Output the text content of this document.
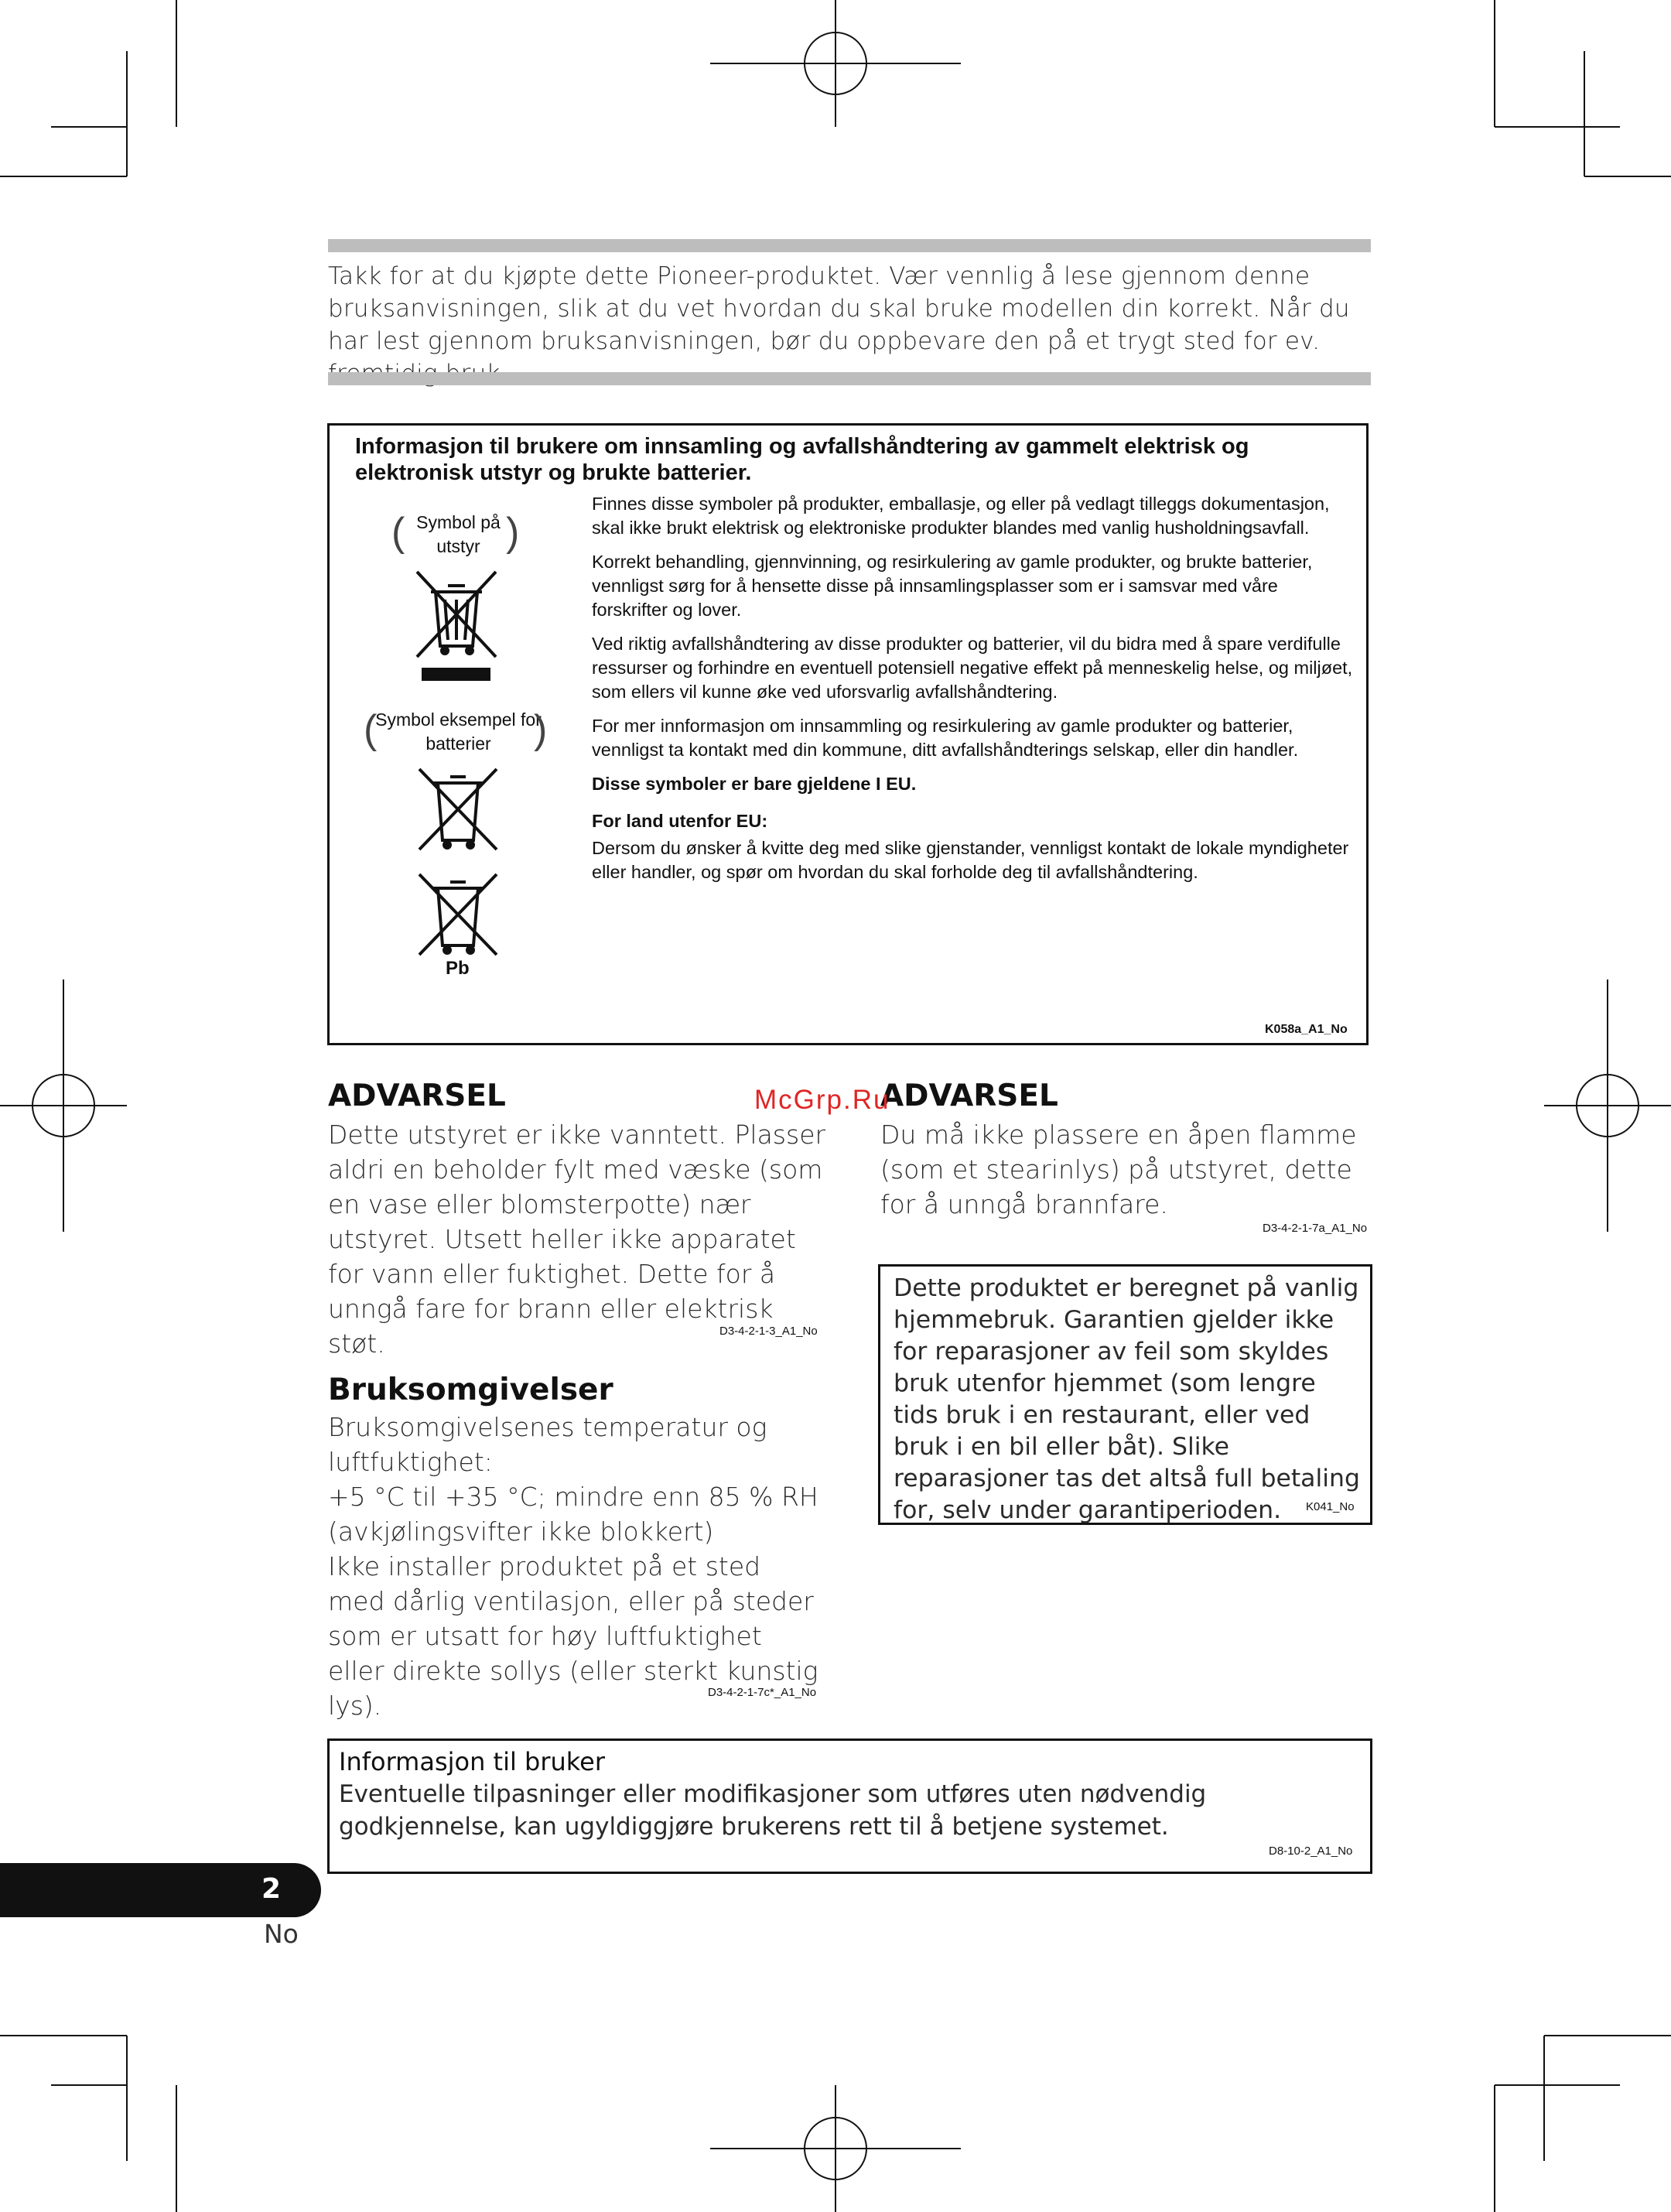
Takk for at du kjøpte dette Pioneer-produktet. Vær vennlig å lese gjennom denne bruksanvisningen, slik at du vet hvordan du skal bruke modellen din korrekt. Når du har lest gjennom bruksanvisningen, bør du oppbevare den på et trygt sted for ev.
Informasjon til brukere om innsamling og avfallshåndtering av gammelt elektrisk og elektronisk utstyr og brukte batterier.
Symbol på utstyr
(	)
Symbol eksempel for batterier
(	)
Pb

Finnes disse symboler på produkter, emballasje, og eller på vedlagt tilleggs dokumentasjon, skal ikke brukt elektrisk og elektroniske produkter blandes med vanlig husholdningsavfall.

Korrekt behandling, gjennvinning, og resirkulering av gamle produkter, og brukte batterier, vennligst sørg for å hensette disse på innsamlingsplasser som er i samsvar med våre forskrifter og lover.

Ved riktig avfallshåndtering av disse produkter og batterier, vil du bidra med å spare verdifulle ressurser og forhindre en eventuell potensiell negative effekt på menneskelig helse, og miljøet, som ellers vil kunne øke ved uforsvarlig avfallshåndtering.

For mer innformasjon om innsammling og resirkulering av gamle produkter og batterier, vennligst ta kontakt med din kommune, ditt avfallshåndterings selskap, eller din handler.

Disse symboler er bare gjeldene I EU.

For land utenfor EU:

Dersom du ønsker å kvitte deg med slike gjenstander, vennligst kontakt de lokale myndigheter eller handler, og spør om hvordan du skal forholde deg til avfallshåndtering.

K058a_A1_No
ADVARSEL
Dette utstyret er ikke vanntett. Plasser aldri en beholder fylt med væske (som en vase eller blomsterpotte) nær utstyret. Utsett heller ikke apparatet for vann eller fuktighet. Dette for å unngå fare for brann eller elektrisk støt.	D3-4-2-1-3_A1_No
Bruksomgivelser
Bruksomgivelsenes temperatur og luftfuktighet:
+5 °C til +35 °C; mindre enn 85 % RH (avkjølingsvifter ikke blokkert)
Ikke installer produktet på et sted med dårlig ventilasjon, eller på steder som er utsatt for høy luftfuktighet eller direkte sollys (eller sterkt kunstig lys).	D3-4-2-1-7c*_A1_No
ADVARSEL
Du må ikke plassere en åpen flamme (som et stearinlys) på utstyret, dette for å unngå brannfare.
D3-4-2-1-7a_A1_No
Dette produktet er beregnet på vanlig hjemmebruk. Garantien gjelder ikke for reparasjoner av feil som skyldes bruk utenfor hjemmet (som lengre tids bruk i en restaurant, eller ved bruk i en bil eller båt). Slike reparasjoner tas det altså full betaling for, selv under garantiperioden.	K041_No
McGrp.Ru
Informasjon til bruker
Eventuelle tilpasninger eller modifikasjoner som utføres uten nødvendig godkjennelse, kan ugyldiggjøre brukerens rett til å betjene systemet.
D8-10-2_A1_No
2
No
